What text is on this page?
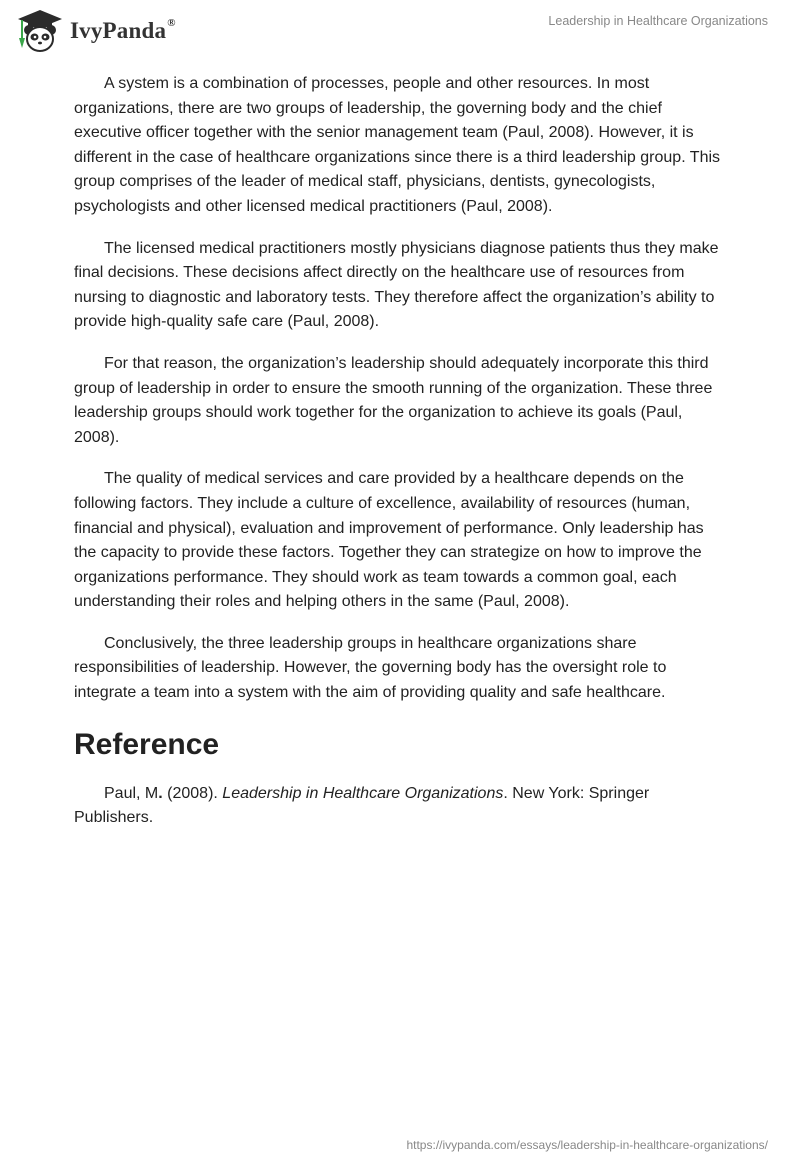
IvyPanda®	Leadership in Healthcare Organizations

A system is a combination of processes, people and other resources. In most organizations, there are two groups of leadership, the governing body and the chief executive officer together with the senior management team (Paul, 2008). However, it is different in the case of healthcare organizations since there is a third leadership group. This group comprises of the leader of medical staff, physicians, dentists, gynecologists, psychologists and other licensed medical practitioners (Paul, 2008).

The licensed medical practitioners mostly physicians diagnose patients thus they make final decisions. These decisions affect directly on the healthcare use of resources from nursing to diagnostic and laboratory tests. They therefore affect the organization’s ability to provide high-quality safe care (Paul, 2008).

For that reason, the organization’s leadership should adequately incorporate this third group of leadership in order to ensure the smooth running of the organization. These three leadership groups should work together for the organization to achieve its goals (Paul, 2008).

The quality of medical services and care provided by a healthcare depends on the following factors. They include a culture of excellence, availability of resources (human, financial and physical), evaluation and improvement of performance. Only leadership has the capacity to provide these factors. Together they can strategize on how to improve the organizations performance. They should work as team towards a common goal, each understanding their roles and helping others in the same (Paul, 2008).

Conclusively, the three leadership groups in healthcare organizations share responsibilities of leadership. However, the governing body has the oversight role to integrate a team into a system with the aim of providing quality and safe healthcare.

Reference

Paul, M. (2008). Leadership in Healthcare Organizations. New York: Springer Publishers.

https://ivypanda.com/essays/leadership-in-healthcare-organizations/
